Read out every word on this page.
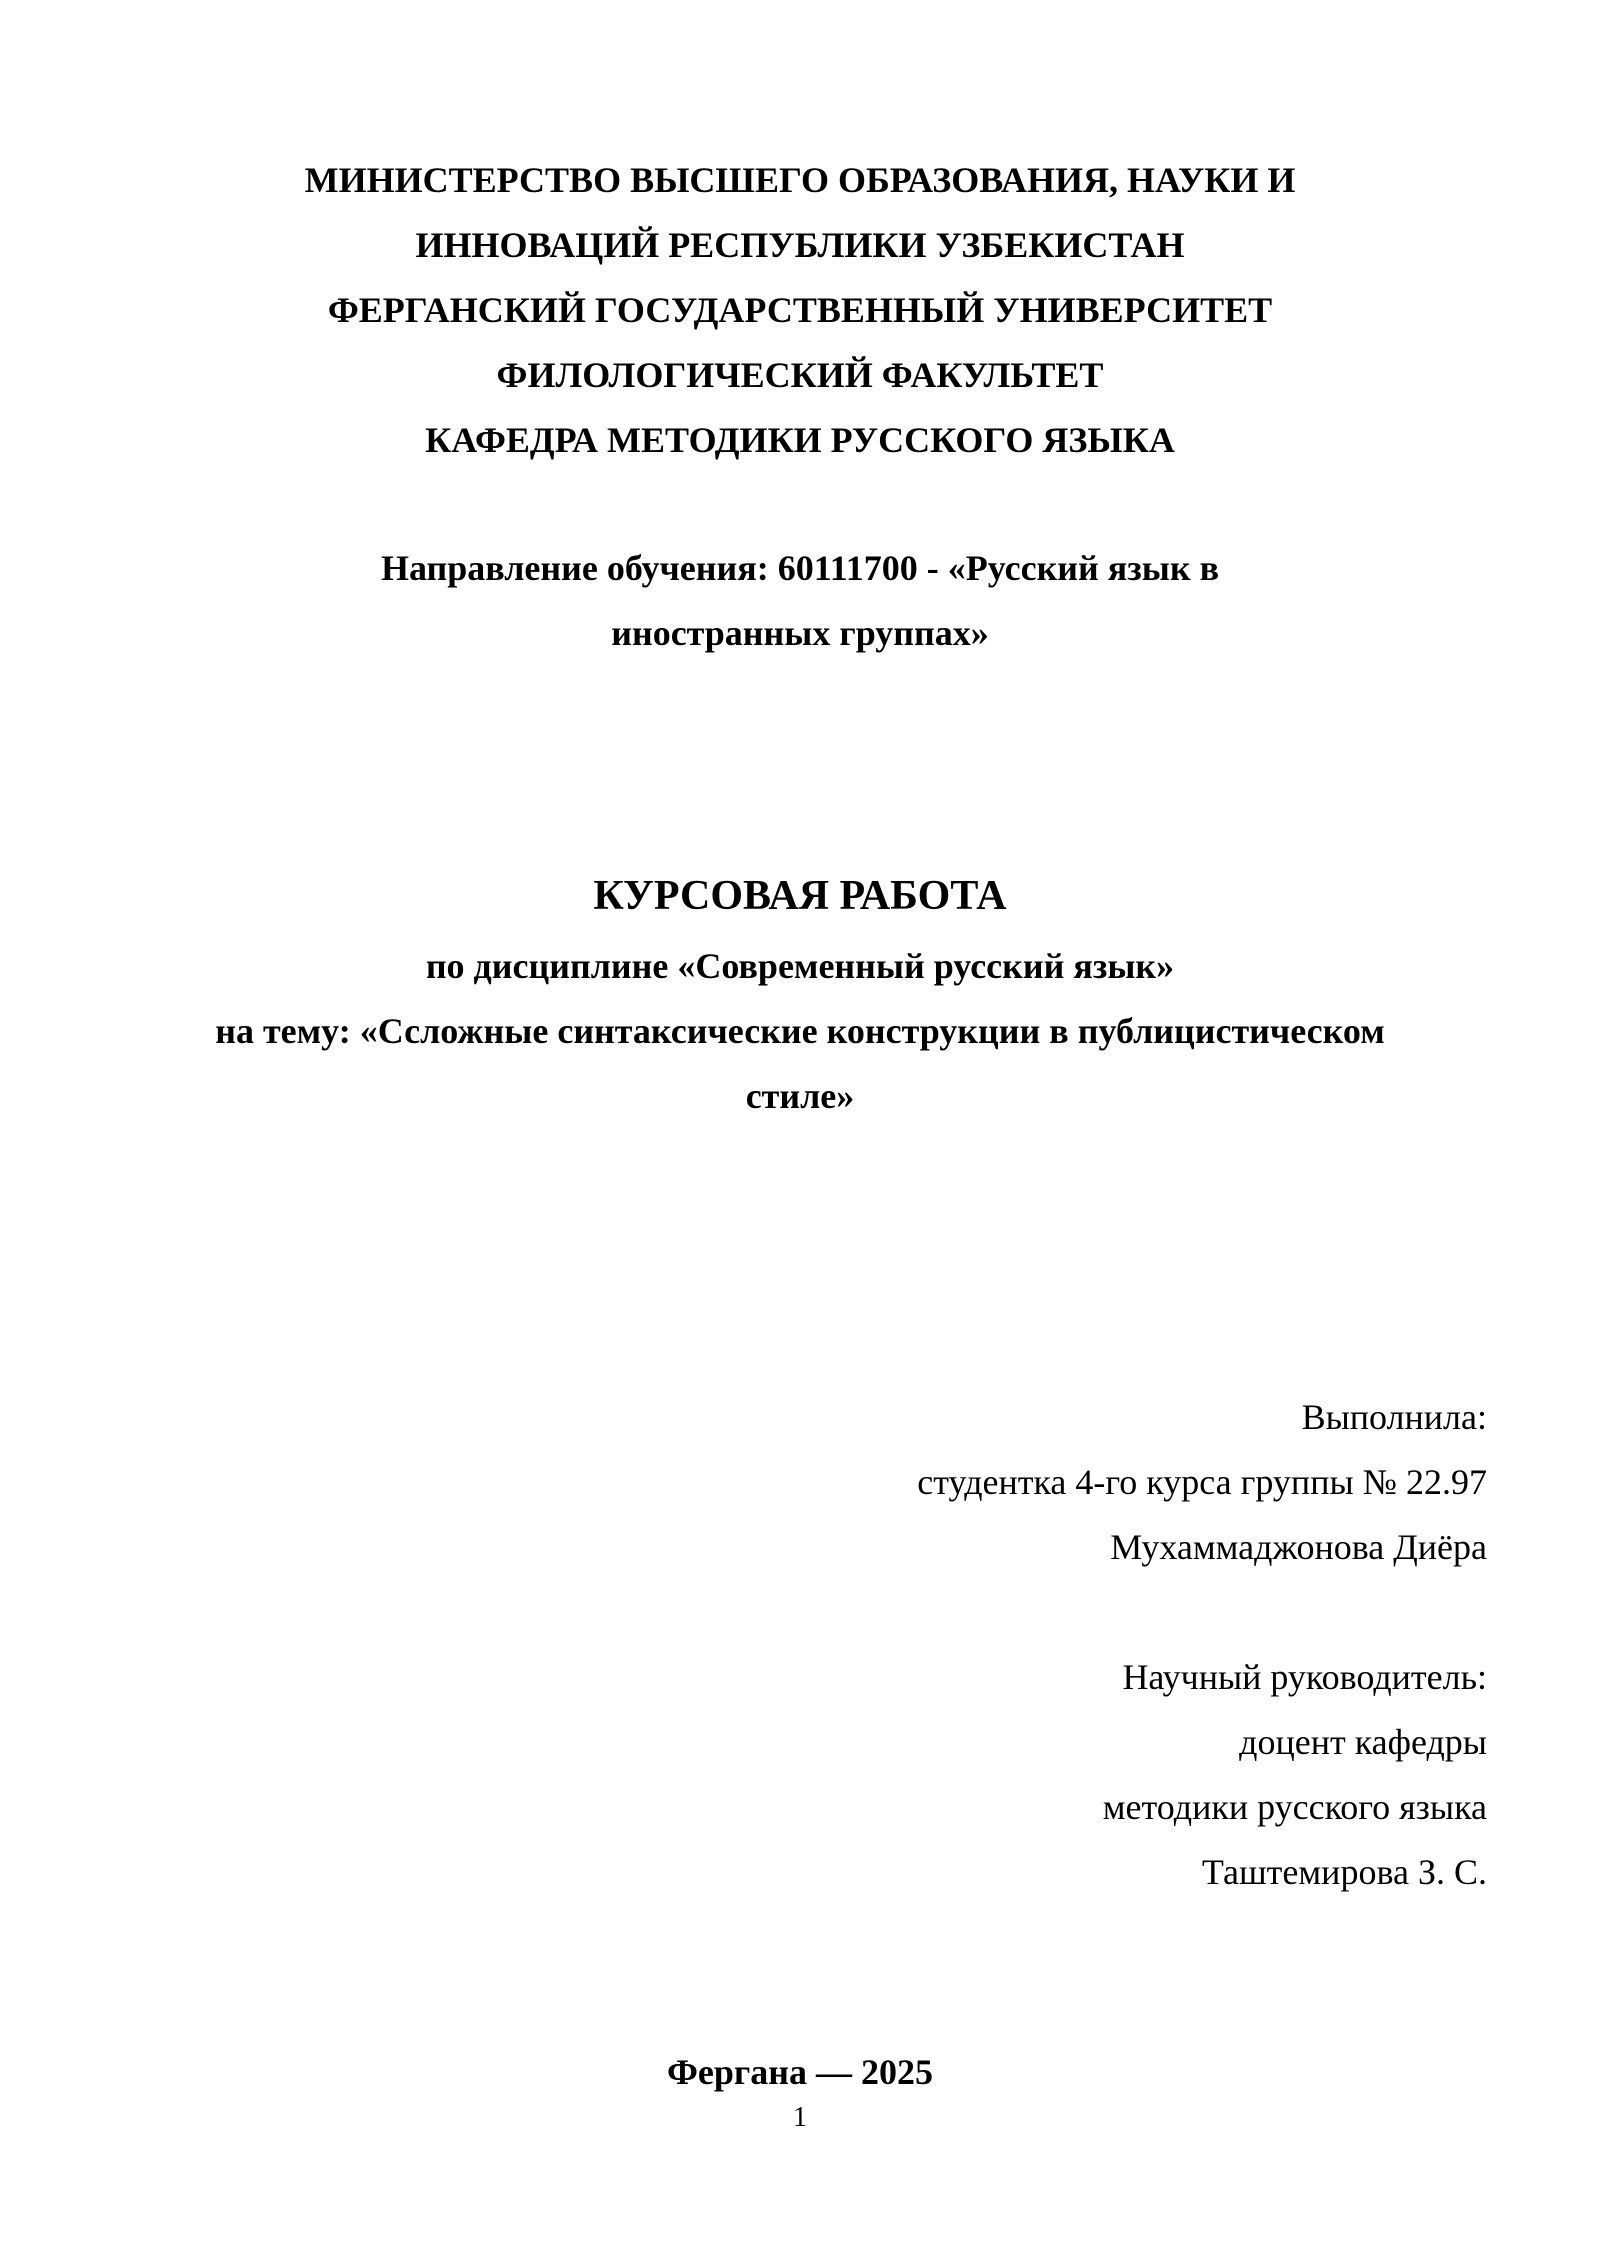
МИНИСТЕРСТВО ВЫСШЕГО ОБРАЗОВАНИЯ, НАУКИ И
ИННОВАЦИЙ РЕСПУБЛИКИ УЗБЕКИСТАН
ФЕРГАНСКИЙ ГОСУДАРСТВЕННЫЙ УНИВЕРСИТЕТ
ФИЛОЛОГИЧЕСКИЙ ФАКУЛЬТЕТ
КАФЕДРА МЕТОДИКИ РУССКОГО ЯЗЫКА
Направление обучения: 60111700 - «Русский язык в
иностранных группах»
КУРСОВАЯ РАБОТА
по дисциплине «Современный русский язык»
на тему: «Ссложные синтаксические конструкции в публицистическом
стиле»
Выполнила:
студентка 4-го курса группы № 22.97
Мухаммаджонова Диёра
Научный руководитель:
доцент кафедры
методики русского языка
Таштемирова З. С.
Фергана — 2025
1
